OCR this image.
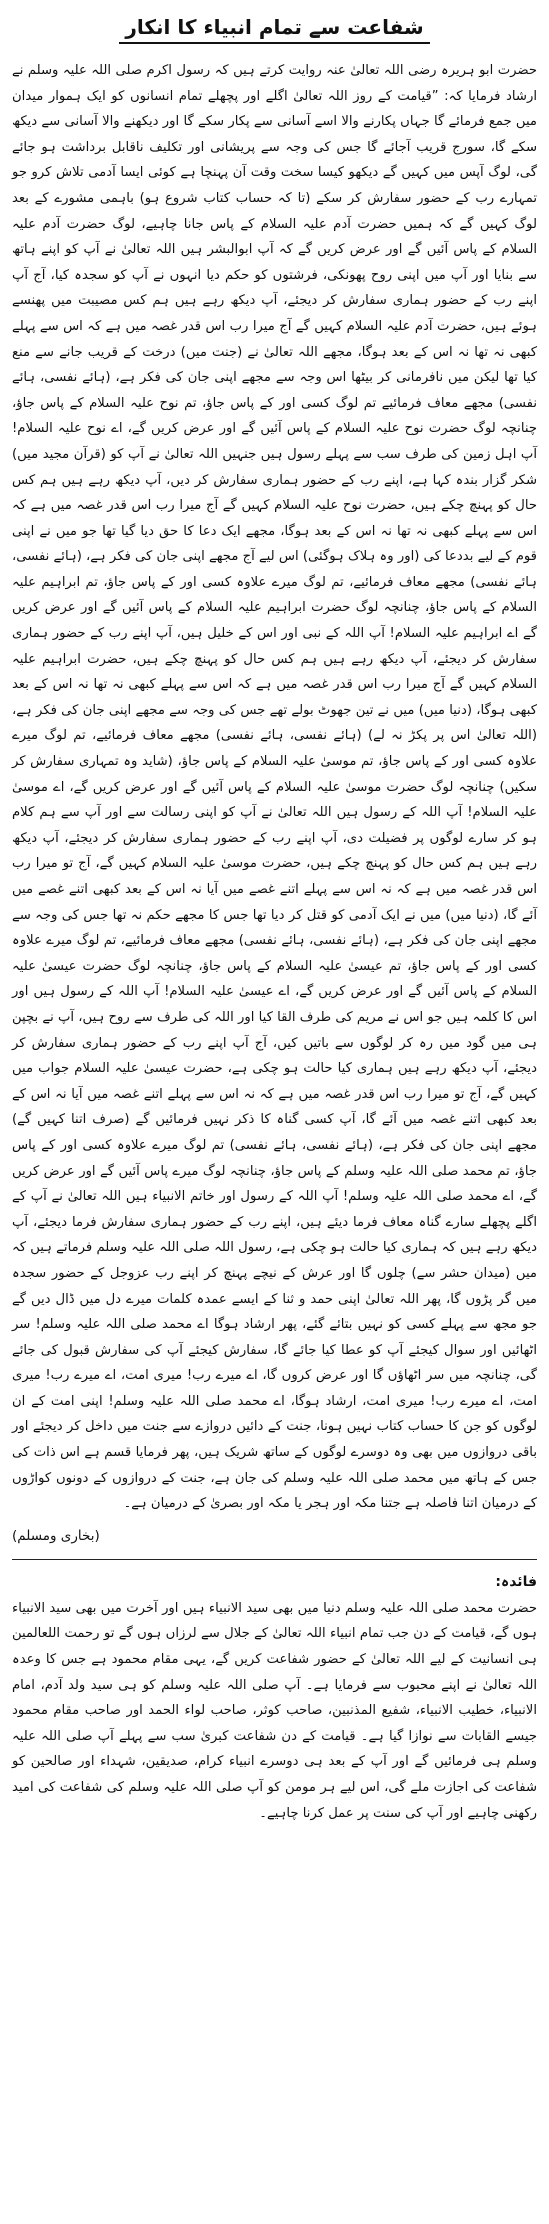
شفاعت سے تمام انبیاء کا انکار

حضرت ابو ہریرہ رضی اللہ تعالیٰ عنہ روایت کرتے ہیں کہ رسول اکرم صلی اللہ علیہ وسلم نے ارشاد فرمایا کہ: ”قیامت کے روز اللہ تعالیٰ اگلے اور پچھلے تمام انسانوں کو ایک ہموار میدان میں جمع فرمائے گا جہاں پکارنے والا اسے آسانی سے پکار سکے گا اور دیکھنے والا آسانی سے دیکھ سکے گا، سورج قریب آجائے گا جس کی وجہ سے پریشانی اور تکلیف ناقابل برداشت ہو جائے گی، لوگ آپس میں کہیں گے دیکھو کیسا سخت وقت آن پہنچا ہے کوئی ایسا آدمی تلاش کرو جو تمہارے رب کے حضور سفارش کر سکے (تا کہ حساب کتاب شروع ہو) باہمی مشورے کے بعد لوگ کہیں گے کہ ہمیں حضرت آدم علیہ السلام کے پاس جانا چاہیے، لوگ حضرت آدم علیہ السلام کے پاس آئیں گے اور عرض کریں گے کہ آپ ابوالبشر ہیں اللہ تعالیٰ نے آپ کو اپنے ہاتھ سے بنایا اور آپ میں اپنی روح پھونکی، فرشتوں کو حکم دیا انہوں نے آپ کو سجدہ کیا، آج آپ اپنے رب کے حضور ہماری سفارش کر دیجئے، آپ دیکھ رہے ہیں ہم کس مصیبت میں پھنسے ہوئے ہیں، حضرت آدم علیہ السلام کہیں گے آج میرا رب اس قدر غصہ میں ہے کہ اس سے پہلے کبھی نہ تھا نہ اس کے بعد ہوگا، مجھے اللہ تعالیٰ نے (جنت میں) درخت کے قریب جانے سے منع کیا تھا لیکن میں نافرمانی کر بیٹھا اس وجہ سے مجھے اپنی جان کی فکر ہے، (ہائے نفسی، ہائے نفسی) مجھے معاف فرمائیے تم لوگ کسی اور کے پاس جاؤ، تم نوح علیہ السلام کے پاس جاؤ، چنانچہ لوگ حضرت نوح علیہ السلام کے پاس آئیں گے اور عرض کریں گے، اے نوح علیہ السلام! آپ اہل زمین کی طرف سب سے پہلے رسول ہیں جنہیں اللہ تعالیٰ نے آپ کو (قرآن مجید میں) شکر گزار بندہ کہا ہے، اپنے رب کے حضور ہماری سفارش کر دیں، آپ دیکھ رہے ہیں ہم کس حال کو پہنچ چکے ہیں، حضرت نوح علیہ السلام کہیں گے آج میرا رب اس قدر غصہ میں ہے کہ اس سے پہلے کبھی نہ تھا نہ اس کے بعد ہوگا، مجھے ایک دعا کا حق دیا گیا تھا جو میں نے اپنی قوم کے لیے بددعا کی (اور وہ ہلاک ہوگئی) اس لیے آج مجھے اپنی جان کی فکر ہے، (ہائے نفسی، ہائے نفسی) مجھے معاف فرمائیے، تم لوگ میرے علاوہ کسی اور کے پاس جاؤ، تم ابراہیم علیہ السلام کے پاس جاؤ، چنانچہ لوگ حضرت ابراہیم علیہ السلام کے پاس آئیں گے اور عرض کریں گے اے ابراہیم علیہ السلام! آپ اللہ کے نبی اور اس کے خلیل ہیں، آپ اپنے رب کے حضور ہماری سفارش کر دیجئے، آپ دیکھ رہے ہیں ہم کس حال کو پہنچ چکے ہیں، حضرت ابراہیم علیہ السلام کہیں گے آج میرا رب اس قدر غصہ میں ہے کہ اس سے پہلے کبھی نہ تھا نہ اس کے بعد کبھی ہوگا، (دنیا میں) میں نے تین جھوٹ بولے تھے جس کی وجہ سے مجھے اپنی جان کی فکر ہے، (اللہ تعالیٰ اس پر پکڑ نہ لے) (ہائے نفسی، ہائے نفسی) مجھے معاف فرمائیے، تم لوگ میرے علاوہ کسی اور کے پاس جاؤ، تم موسیٰ علیہ السلام کے پاس جاؤ، (شاید وہ تمہاری سفارش کر سکیں) چنانچہ لوگ حضرت موسیٰ علیہ السلام کے پاس آئیں گے اور عرض کریں گے، اے موسیٰ علیہ السلام! آپ اللہ کے رسول ہیں اللہ تعالیٰ نے آپ کو اپنی رسالت سے اور آپ سے ہم کلام ہو کر سارے لوگوں پر فضیلت دی، آپ اپنے رب کے حضور ہماری سفارش کر دیجئے، آپ دیکھ رہے ہیں ہم کس حال کو پہنچ چکے ہیں، حضرت موسیٰ علیہ السلام کہیں گے، آج تو میرا رب اس قدر غصہ میں ہے کہ نہ اس سے پہلے اتنے غصے میں آیا نہ اس کے بعد کبھی اتنے غصے میں آئے گا، (دنیا میں) میں نے ایک آدمی کو قتل کر دیا تھا جس کا مجھے حکم نہ تھا جس کی وجہ سے مجھے اپنی جان کی فکر ہے، (ہائے نفسی، ہائے نفسی) مجھے معاف فرمائیے، تم لوگ میرے علاوہ کسی اور کے پاس جاؤ، تم عیسیٰ علیہ السلام کے پاس جاؤ، چنانچہ لوگ حضرت عیسیٰ علیہ السلام کے پاس آئیں گے اور عرض کریں گے، اے عیسیٰ علیہ السلام! آپ اللہ کے رسول ہیں اور اس کا کلمہ ہیں جو اس نے مریم کی طرف القا کیا اور اللہ کی طرف سے روح ہیں، آپ نے بچپن ہی میں گود میں رہ کر لوگوں سے باتیں کیں، آج آپ اپنے رب کے حضور ہماری سفارش کر دیجئے، آپ دیکھ رہے ہیں ہماری کیا حالت ہو چکی ہے، حضرت عیسیٰ علیہ السلام جواب میں کہیں گے، آج تو میرا رب اس قدر غصہ میں ہے کہ نہ اس سے پہلے اتنے غصہ میں آیا نہ اس کے بعد کبھی اتنے غصہ میں آئے گا، آپ کسی گناہ کا ذکر نہیں فرمائیں گے (صرف اتنا کہیں گے) مجھے اپنی جان کی فکر ہے، (ہائے نفسی، ہائے نفسی) تم لوگ میرے علاوہ کسی اور کے پاس جاؤ، تم محمد صلی اللہ علیہ وسلم کے پاس جاؤ، چنانچہ لوگ میرے پاس آئیں گے اور عرض کریں گے، اے محمد صلی اللہ علیہ وسلم! آپ اللہ کے رسول اور خاتم الانبیاء ہیں اللہ تعالیٰ نے آپ کے اگلے پچھلے سارے گناہ معاف فرما دیئے ہیں، اپنے رب کے حضور ہماری سفارش فرما دیجئے، آپ دیکھ رہے ہیں کہ ہماری کیا حالت ہو چکی ہے، رسول اللہ صلی اللہ علیہ وسلم فرماتے ہیں کہ میں (میدان حشر سے) چلوں گا اور عرش کے نیچے پہنچ کر اپنے رب عزوجل کے حضور سجدہ میں گر پڑوں گا، پھر اللہ تعالیٰ اپنی حمد و ثنا کے ایسے عمدہ کلمات میرے دل میں ڈال دیں گے جو مجھ سے پہلے کسی کو نہیں بتائے گئے، پھر ارشاد ہوگا اے محمد صلی اللہ علیہ وسلم! سر اٹھائیں اور سوال کیجئے آپ کو عطا کیا جائے گا، سفارش کیجئے آپ کی سفارش قبول کی جائے گی، چنانچہ میں سر اٹھاؤں گا اور عرض کروں گا، اے میرے رب! میری امت، اے میرے رب! میری امت، اے میرے رب! میری امت، ارشاد ہوگا، اے محمد صلی اللہ علیہ وسلم! اپنی امت کے ان لوگوں کو جن کا حساب کتاب نہیں ہونا، جنت کے دائیں دروازے سے جنت میں داخل کر دیجئے اور باقی دروازوں میں بھی وہ دوسرے لوگوں کے ساتھ شریک ہیں، پھر فرمایا قسم ہے اس ذات کی جس کے ہاتھ میں محمد صلی اللہ علیہ وسلم کی جان ہے، جنت کے دروازوں کے دونوں کواڑوں کے درمیان اتنا فاصلہ ہے جتنا مکہ اور ہجر یا مکہ اور بصریٰ کے درمیان ہے۔

(بخاری ومسلم)
فائدہ:

حضرت محمد صلی اللہ علیہ وسلم دنیا میں بھی سید الانبیاء ہیں اور آخرت میں بھی سید الانبیاء ہوں گے، قیامت کے دن جب تمام انبیاء اللہ تعالیٰ کے جلال سے لرزاں ہوں گے تو رحمت اللعالمین ہی انسانیت کے لیے اللہ تعالیٰ کے حضور شفاعت کریں گے، یہی مقام محمود ہے جس کا وعدہ اللہ تعالیٰ نے اپنے محبوب سے فرمایا ہے۔ آپ صلی اللہ علیہ وسلم کو ہی سید ولد آدم، امام الانبیاء، خطیب الانبیاء، شفیع المذنبین، صاحب کوثر، صاحب لواء الحمد اور صاحب مقام محمود جیسے القابات سے نوازا گیا ہے۔ قیامت کے دن شفاعت کبریٰ سب سے پہلے آپ صلی اللہ علیہ وسلم ہی فرمائیں گے اور آپ کے بعد ہی دوسرے انبیاء کرام، صدیقین، شہداء اور صالحین کو شفاعت کی اجازت ملے گی، اس لیے ہر مومن کو آپ صلی اللہ علیہ وسلم کی شفاعت کی امید رکھنی چاہیے اور آپ کی سنت پر عمل کرنا چاہیے۔
